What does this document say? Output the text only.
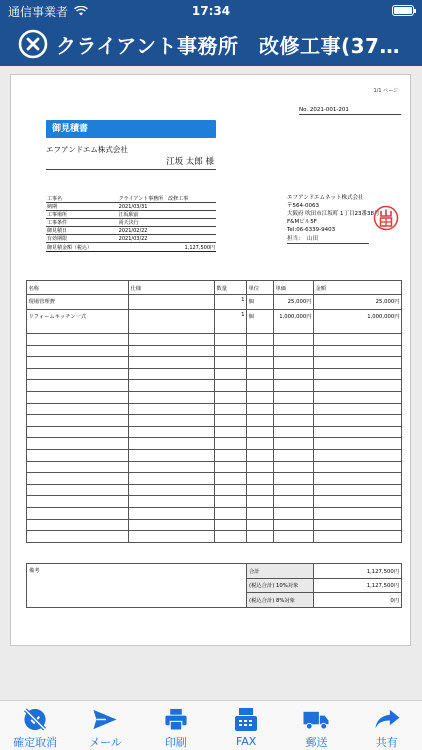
通信事業者	17:34
クライアント事務所　改修工事(37…
1/1 ページ
No. 2021-001-201
御見積書
エフアンドエム株式会社
江坂 太郎 様
工事名	クライアント事務所　改修工事
納期	2021/03/31
工事場所	江坂駅前
工事条件	両天決行
御見積日	2021/02/22
有効期限	2021/03/22
御見積金額（税込）	1,127,500円
エフアンドエムネット株式会社
〒564-0063
大阪府 吹田市江坂町 1丁目23番38号
F&Mビル5F
Tel:06-6339-9403
担当： 山田
名称	仕様	数量	単位	単価	金額
現場管理費		1	個	25,000円	25,000円
リフォームキッチン一式		1	個	1,000,000円	1,000,000円

備考	合計	1,127,500円
	(税込合計) 10%対象	1,127,500円
	(税込合計) 8%対象	0円
確定取消	メール	印刷	FAX	郵送	共有
